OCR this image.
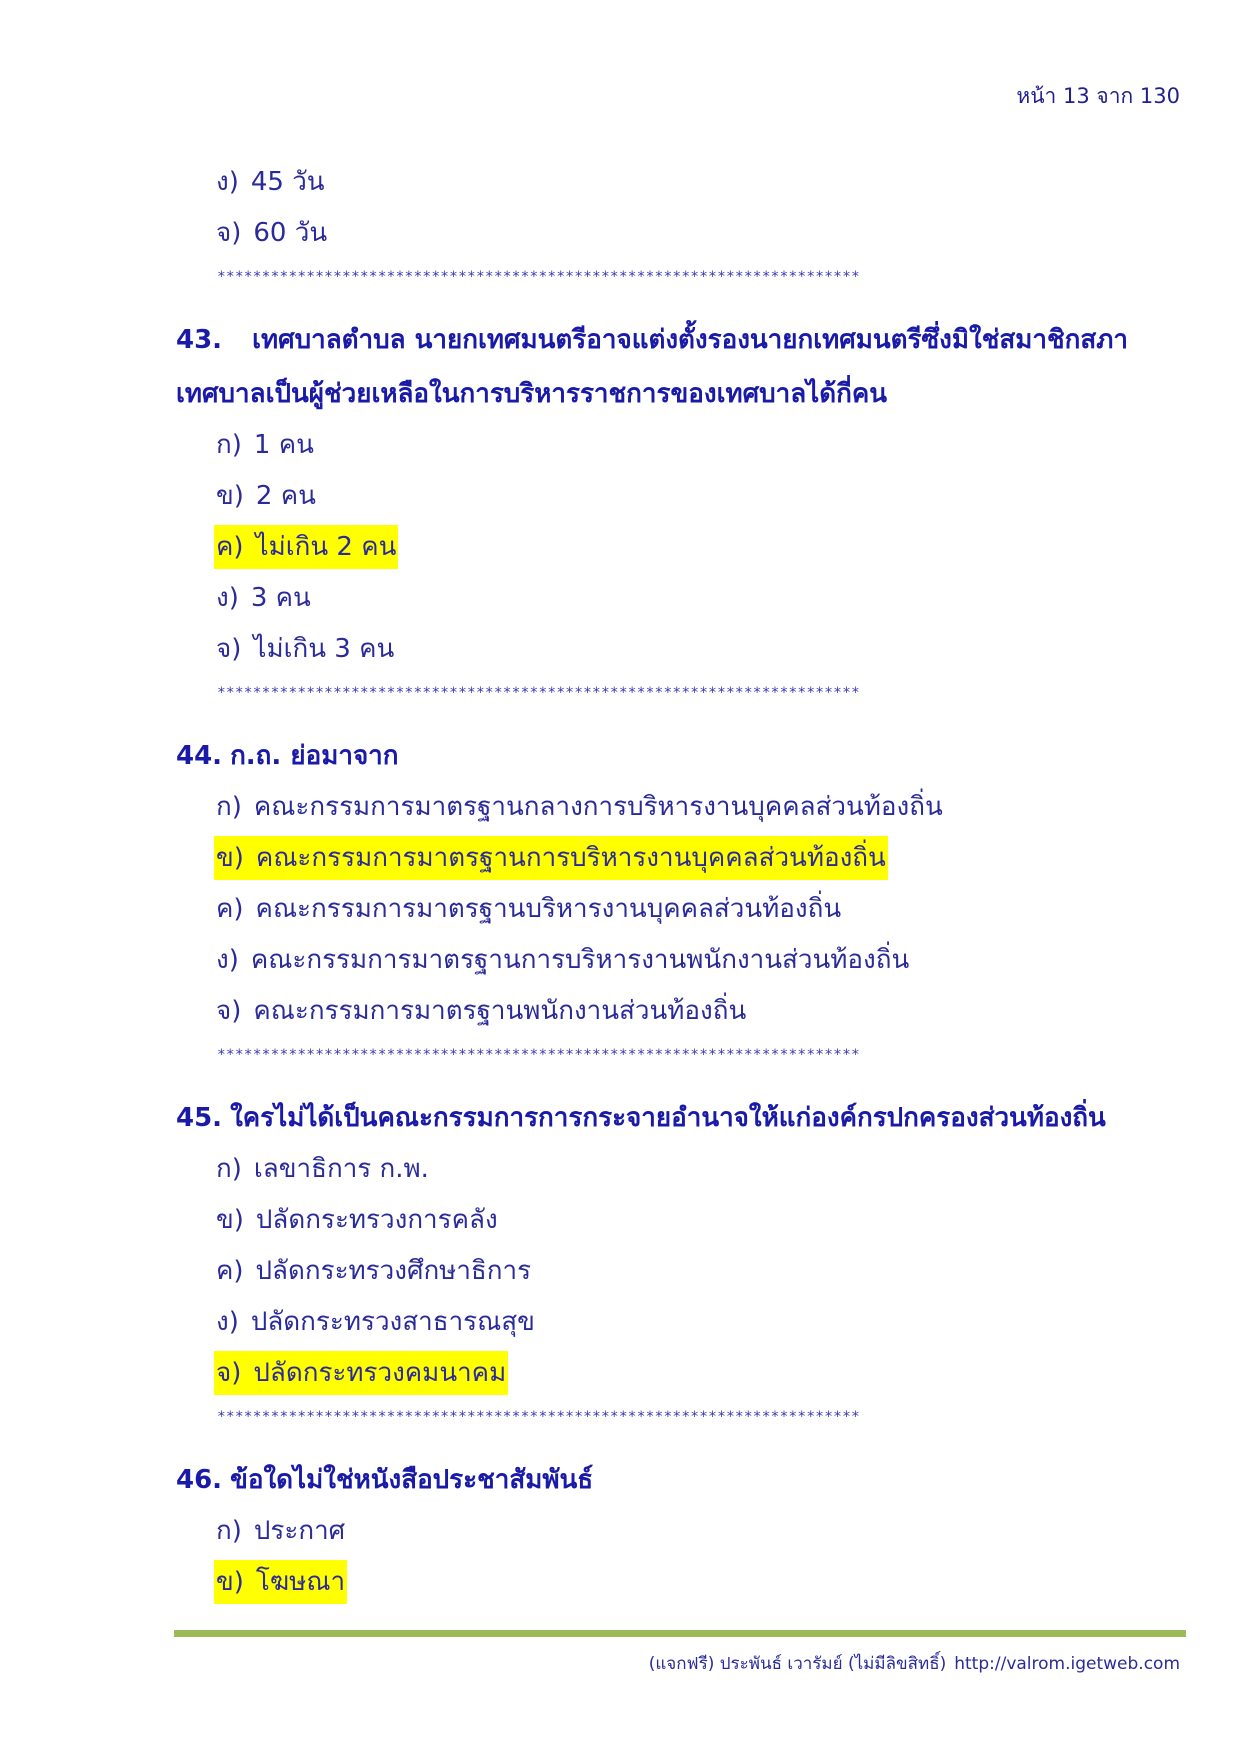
หน้า 13 จาก 130
ง) 45 วัน
จ) 60 วัน
************************************************************************
43. เทศบาลตำบล นายกเทศมนตรีอาจแต่งตั้งรองนายกเทศมนตรีซึ่งมิใช่สมาชิกสภาเทศบาลเป็นผู้ช่วยเหลือในการบริหารราชการของเทศบาลได้กี่คน
ก) 1 คน
ข) 2 คน
ค) ไม่เกิน 2 คน
ง) 3 คน
จ) ไม่เกิน 3 คน
************************************************************************
44. ก.ถ. ย่อมาจาก
ก) คณะกรรมการมาตรฐานกลางการบริหารงานบุคคลส่วนท้องถิ่น
ข) คณะกรรมการมาตรฐานการบริหารงานบุคคลส่วนท้องถิ่น
ค) คณะกรรมการมาตรฐานบริหารงานบุคคลส่วนท้องถิ่น
ง) คณะกรรมการมาตรฐานการบริหารงานพนักงานส่วนท้องถิ่น
จ) คณะกรรมการมาตรฐานพนักงานส่วนท้องถิ่น
************************************************************************
45. ใครไม่ได้เป็นคณะกรรมการการกระจายอำนาจให้แก่องค์กรปกครองส่วนท้องถิ่น
ก) เลขาธิการ ก.พ.
ข) ปลัดกระทรวงการคลัง
ค) ปลัดกระทรวงศึกษาธิการ
ง) ปลัดกระทรวงสาธารณสุข
จ) ปลัดกระทรวงคมนาคม
************************************************************************
46. ข้อใดไม่ใช่หนังสือประชาสัมพันธ์
ก) ประกาศ
ข) โฆษณา
(แจกฟรี) ประพันธ์ เวารัมย์ (ไม่มีลิขสิทธิ์) http://valrom.igetweb.com
